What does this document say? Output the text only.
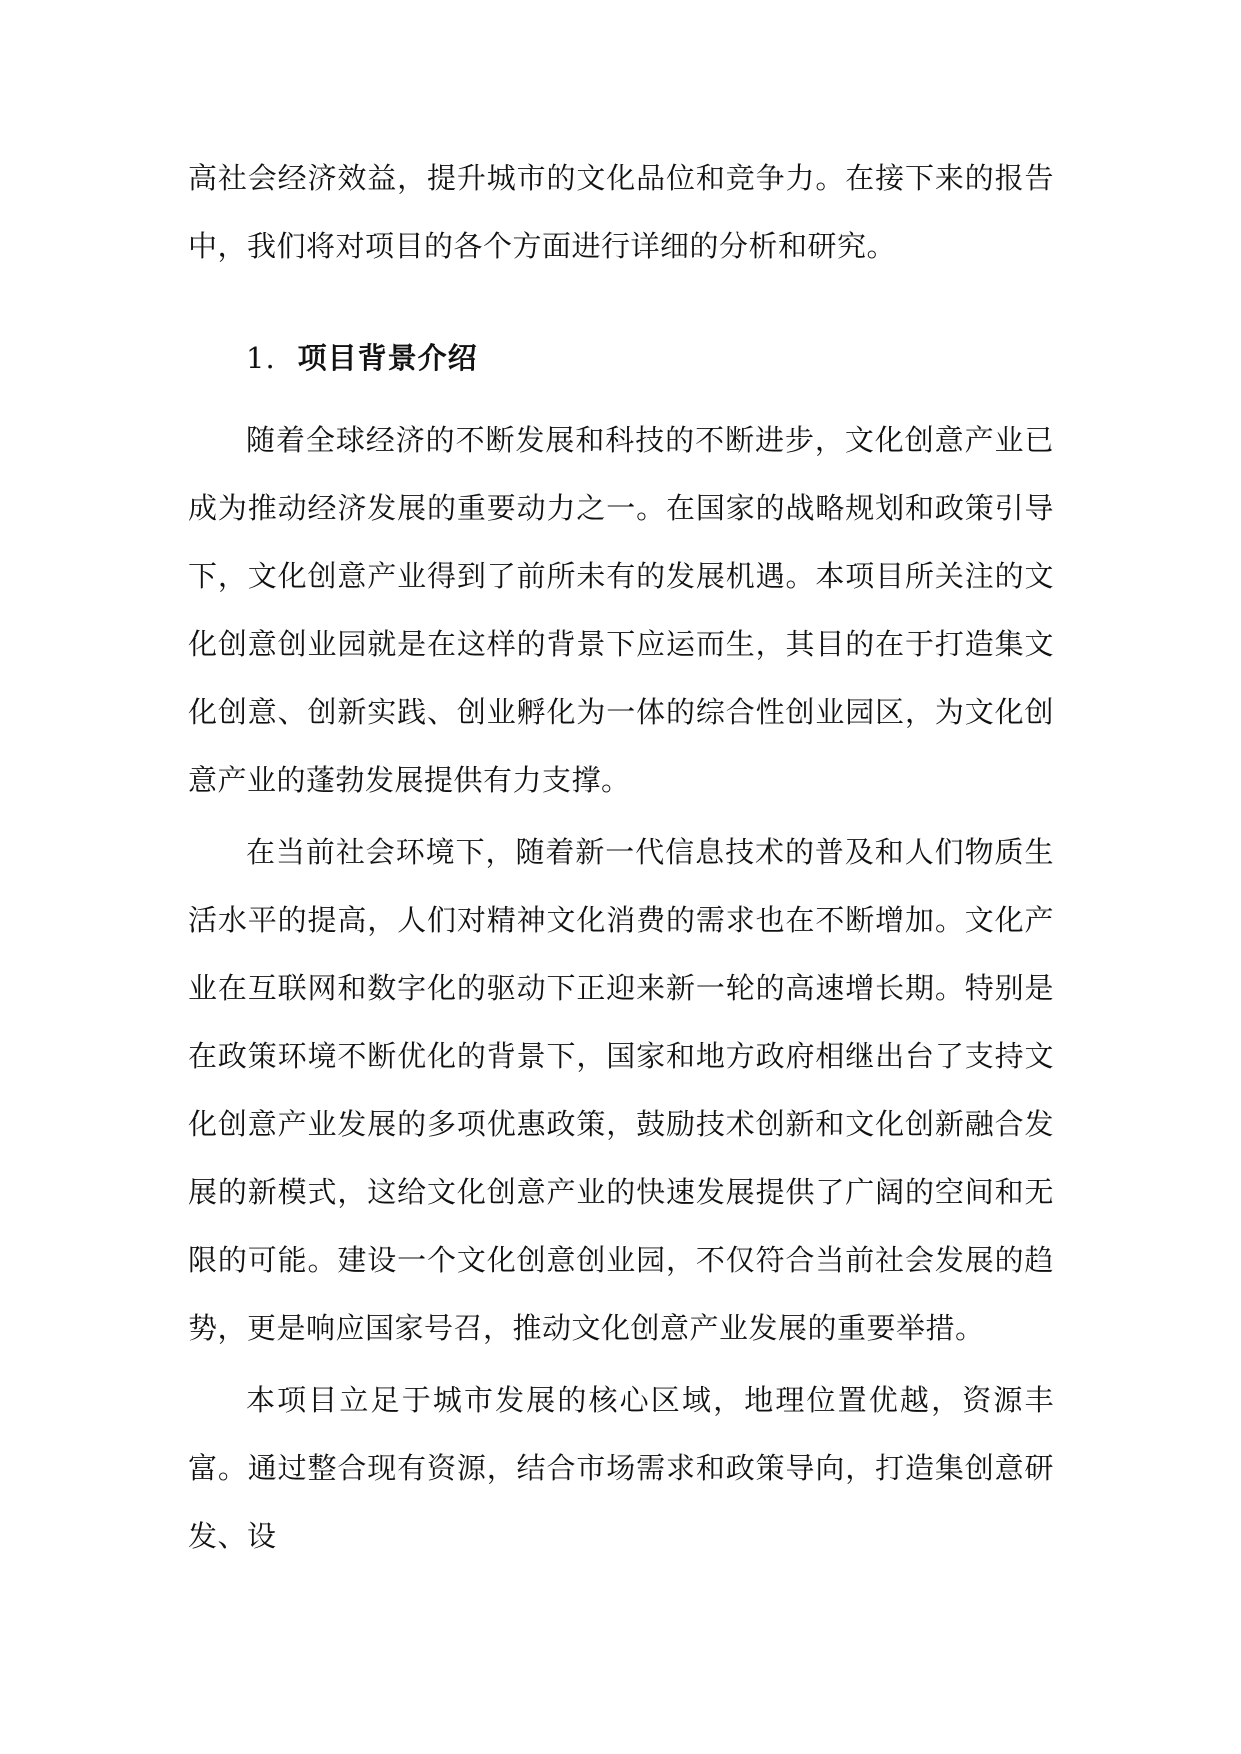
高社会经济效益，提升城市的文化品位和竞争力。在接下来的报告中，我们将对项目的各个方面进行详细的分析和研究。

1. 项目背景介绍

随着全球经济的不断发展和科技的不断进步，文化创意产业已成为推动经济发展的重要动力之一。在国家的战略规划和政策引导下，文化创意产业得到了前所未有的发展机遇。本项目所关注的文化创意创业园就是在这样的背景下应运而生，其目的在于打造集文化创意、创新实践、创业孵化为一体的综合性创业园区，为文化创意产业的蓬勃发展提供有力支撑。

在当前社会环境下，随着新一代信息技术的普及和人们物质生活水平的提高，人们对精神文化消费的需求也在不断增加。文化产业在互联网和数字化的驱动下正迎来新一轮的高速增长期。特别是在政策环境不断优化的背景下，国家和地方政府相继出台了支持文化创意产业发展的多项优惠政策，鼓励技术创新和文化创新融合发展的新模式，这给文化创意产业的快速发展提供了广阔的空间和无限的可能。建设一个文化创意创业园，不仅符合当前社会发展的趋势，更是响应国家号召，推动文化创意产业发展的重要举措。

本项目立足于城市发展的核心区域，地理位置优越，资源丰富。通过整合现有资源，结合市场需求和政策导向，打造集创意研发、设
